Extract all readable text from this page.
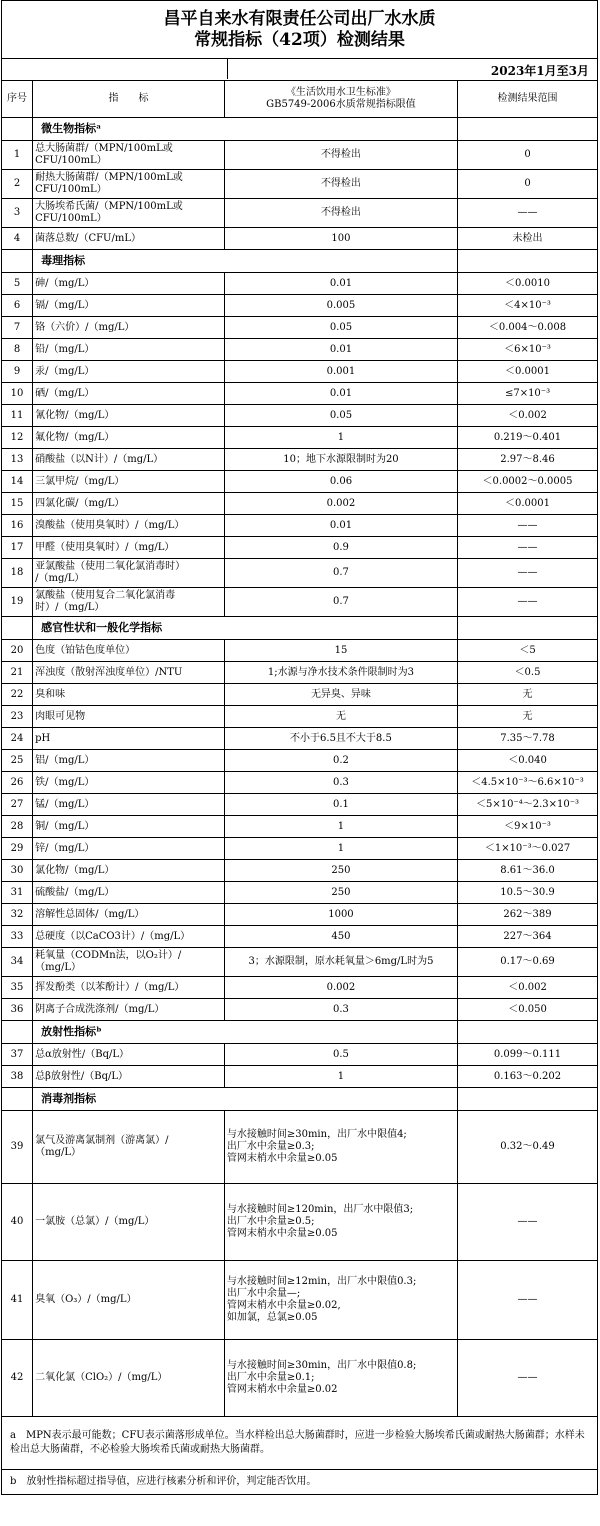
昌平自来水有限责任公司出厂水水质
常规指标（42项）检测结果
2023年1月至3月
序号	指　　标	《生活饮用水卫生标准》
GB5749-2006水质常规指标限值	检测结果范围
	微生物指标ᵃ		
1	总大肠菌群/（MPN/100mL或
CFU/100mL）	不得检出	0
2	耐热大肠菌群/（MPN/100mL或
CFU/100mL）	不得检出	0
3	大肠埃希氏菌/（MPN/100mL或
CFU/100mL）	不得检出	——
4	菌落总数/（CFU/mL）	100	未检出
	毒理指标		
5	砷/（mg/L）	0.01	＜0.0010
6	镉/（mg/L）	0.005	＜4×10⁻³
7	铬（六价）/（mg/L）	0.05	＜0.004～0.008
8	铅/（mg/L）	0.01	＜6×10⁻³
9	汞/（mg/L）	0.001	＜0.0001
10	硒/（mg/L）	0.01	≤7×10⁻³
11	氰化物/（mg/L）	0.05	＜0.002
12	氟化物/（mg/L）	1	0.219～0.401
13	硝酸盐（以N计）/（mg/L）	10；地下水源限制时为20	2.97～8.46
14	三氯甲烷/（mg/L）	0.06	＜0.0002～0.0005
15	四氯化碳/（mg/L）	0.002	＜0.0001
16	溴酸盐（使用臭氧时）/（mg/L）	0.01	——
17	甲醛（使用臭氧时）/（mg/L）	0.9	——
18	亚氯酸盐（使用二氧化氯消毒时）
/（mg/L）	0.7	——
19	氯酸盐（使用复合二氧化氯消毒
时）/（mg/L）	0.7	——
	感官性状和一般化学指标		
20	色度（铂钴色度单位）	15	＜5
21	浑浊度（散射浑浊度单位）/NTU	1;水源与净水技术条件限制时为3	＜0.5
22	臭和味	无异臭、异味	无
23	肉眼可见物	无	无
24	pH	不小于6.5且不大于8.5	7.35～7.78
25	铝/（mg/L）	0.2	＜0.040
26	铁/（mg/L）	0.3	＜4.5×10⁻³～6.6×10⁻³
27	锰/（mg/L）	0.1	＜5×10⁻⁴～2.3×10⁻³
28	铜/（mg/L）	1	＜9×10⁻³
29	锌/（mg/L）	1	＜1×10⁻³～0.027
30	氯化物/（mg/L）	250	8.61～36.0
31	硫酸盐/（mg/L）	250	10.5～30.9
32	溶解性总固体/（mg/L）	1000	262～389
33	总硬度（以CaCO3计）/（mg/L）	450	227～364
34	耗氧量（CODMn法，以O₂计）/
（mg/L）	3；水源限制，原水耗氧量＞6mg/L时为5	0.17～0.69
35	挥发酚类（以苯酚计）/（mg/L）	0.002	＜0.002
36	阴离子合成洗涤剂/（mg/L）	0.3	＜0.050
	放射性指标ᵇ		
37	总α放射性/（Bq/L）	0.5	0.099～0.111
38	总β放射性/（Bq/L）	1	0.163～0.202
	消毒剂指标		
39	氯气及游离氯制剂（游离氯）/
（mg/L）	与水接触时间≥30min，出厂水中限值4;
出厂水中余量≥0.3;
管网末梢水中余量≥0.05	0.32～0.49
40	一氯胺（总氯）/（mg/L）	与水接触时间≥120min，出厂水中限值3;
出厂水中余量≥0.5;
管网末梢水中余量≥0.05	——
41	臭氧（O₃）/（mg/L）	与水接触时间≥12min，出厂水中限值0.3;
出厂水中余量—;
管网末梢水中余量≥0.02,
如加氯，总氯≥0.05	——
42	二氧化氯（ClO₂）/（mg/L）	与水接触时间≥30min，出厂水中限值0.8;
出厂水中余量≥0.1;
管网末梢水中余量≥0.02	——
a　MPN表示最可能数；CFU表示菌落形成单位。当水样检出总大肠菌群时，应进一步检验大肠埃希氏菌或耐热大肠菌群；水样未检出总大肠菌群，不必检验大肠埃希氏菌或耐热大肠菌群。			
b　放射性指标超过指导值，应进行核素分析和评价，判定能否饮用。			
